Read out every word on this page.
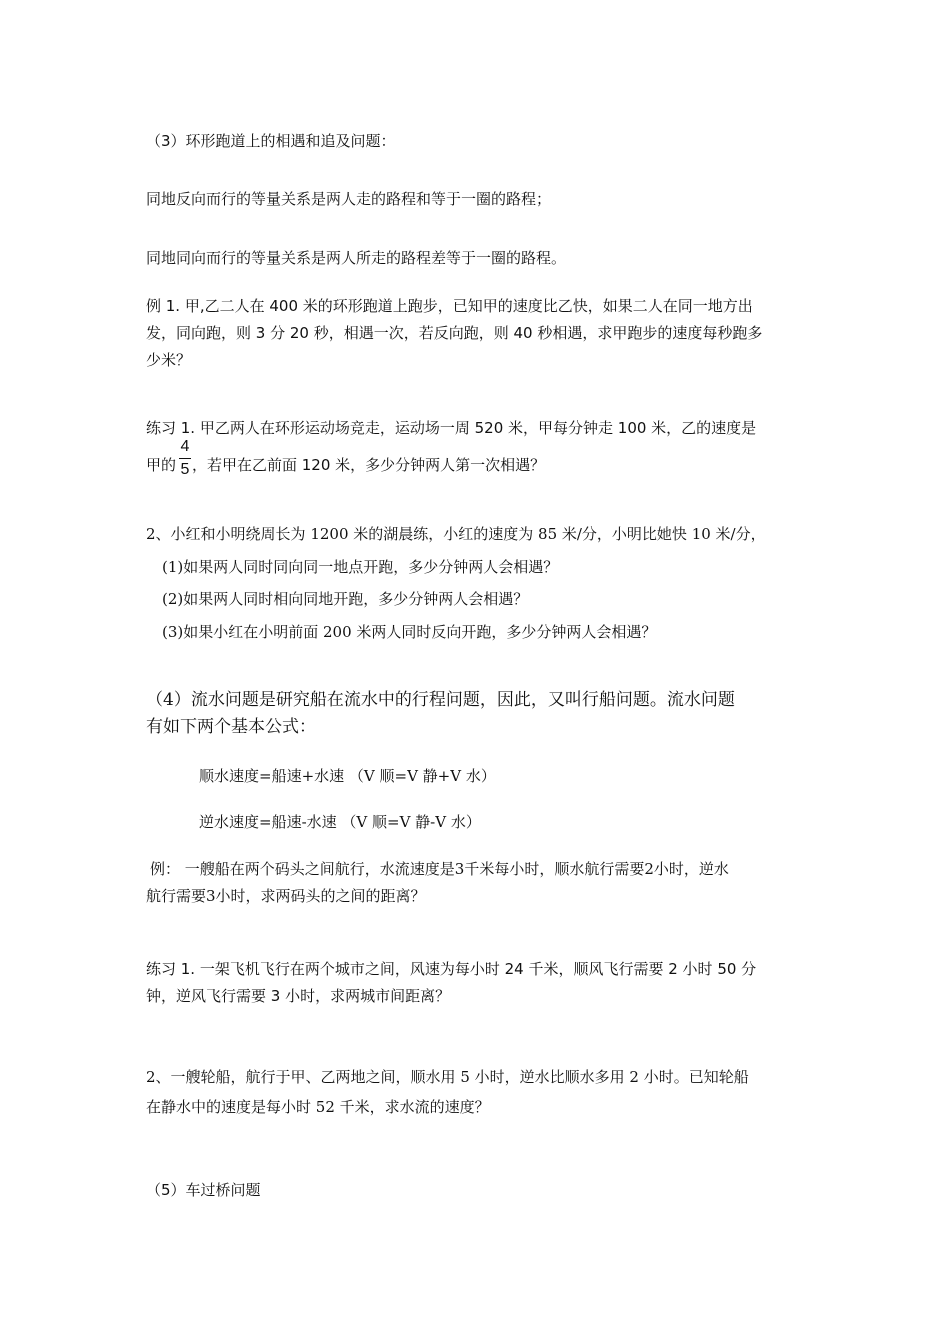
（3）环形跑道上的相遇和追及问题：
同地反向而行的等量关系是两人走的路程和等于一圈的路程；
同地同向而行的等量关系是两人所走的路程差等于一圈的路程。
例 1. 甲,乙二人在 400 米的环形跑道上跑步，已知甲的速度比乙快，如果二人在同一地方出
发，同向跑，则 3 分 20 秒，相遇一次，若反向跑，则 40 秒相遇，求甲跑步的速度每秒跑多
少米？
练习 1. 甲乙两人在环形运动场竞走，运动场一周 520 米，甲每分钟走 100 米，乙的速度是
甲的
4
5 ，若甲在乙前面 120 米，多少分钟两人第一次相遇？
2、小红和小明绕周长为 1200 米的湖晨练，小红的速度为 85 米/分，小明比她快 10 米/分，
(1)如果两人同时同向同一地点开跑，多少分钟两人会相遇？
(2)如果两人同时相向同地开跑，多少分钟两人会相遇？
(3)如果小红在小明前面 200 米两人同时反向开跑，多少分钟两人会相遇？
（4）流水问题是研究船在流水中的行程问题，因此，又叫行船问题。流水问题
有如下两个基本公式：
顺水速度=船速+水速 （V 顺=V 静+V 水）
逆水速度=船速-水速 （V 顺=V 静-V 水）
例： 一艘船在两个码头之间航行，水流速度是3千米每小时，顺水航行需要2小时，逆水
航行需要3小时，求两码头的之间的距离？
练习 1. 一架飞机飞行在两个城市之间，风速为每小时 24 千米，顺风飞行需要 2 小时 50 分
钟，逆风飞行需要 3 小时，求两城市间距离？
2、一艘轮船，航行于甲、乙两地之间，顺水用 5 小时，逆水比顺水多用 2 小时。已知轮船
在静水中的速度是每小时 52 千米，求水流的速度？
（5）车过桥问题
